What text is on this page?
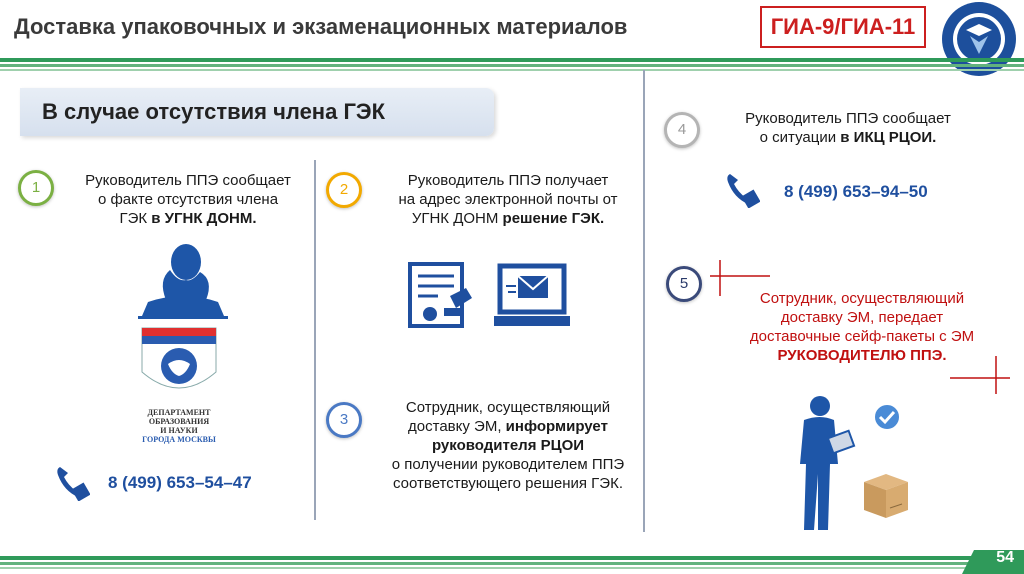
Доставка упаковочных и экзаменационных материалов	ГИА-9/ГИА-11
В случае отсутствия члена ГЭК
1	Руководитель ППЭ сообщает
о факте отсутствия члена
ГЭК в УГНК ДОНМ.
ДЕПАРТАМЕНТ
ОБРАЗОВАНИЯ
И НАУКИ
ГОРОДА МОСКВЫ
8 (499) 653–54–47
2
Руководитель ППЭ получает
на адрес электронной почты от
УГНК ДОНМ решение ГЭК.
3
Сотрудник, осуществляющий
доставку ЭМ, информирует
руководителя РЦОИ
о получении руководителем ППЭ
соответствующего решения ГЭК.
4
Руководитель ППЭ сообщает
о ситуации в ИКЦ РЦОИ.
8 (499) 653–94–50
5
Сотрудник, осуществляющий
доставку ЭМ, передает
доставочные сейф-пакеты с ЭМ
РУКОВОДИТЕЛЮ ППЭ.
54
